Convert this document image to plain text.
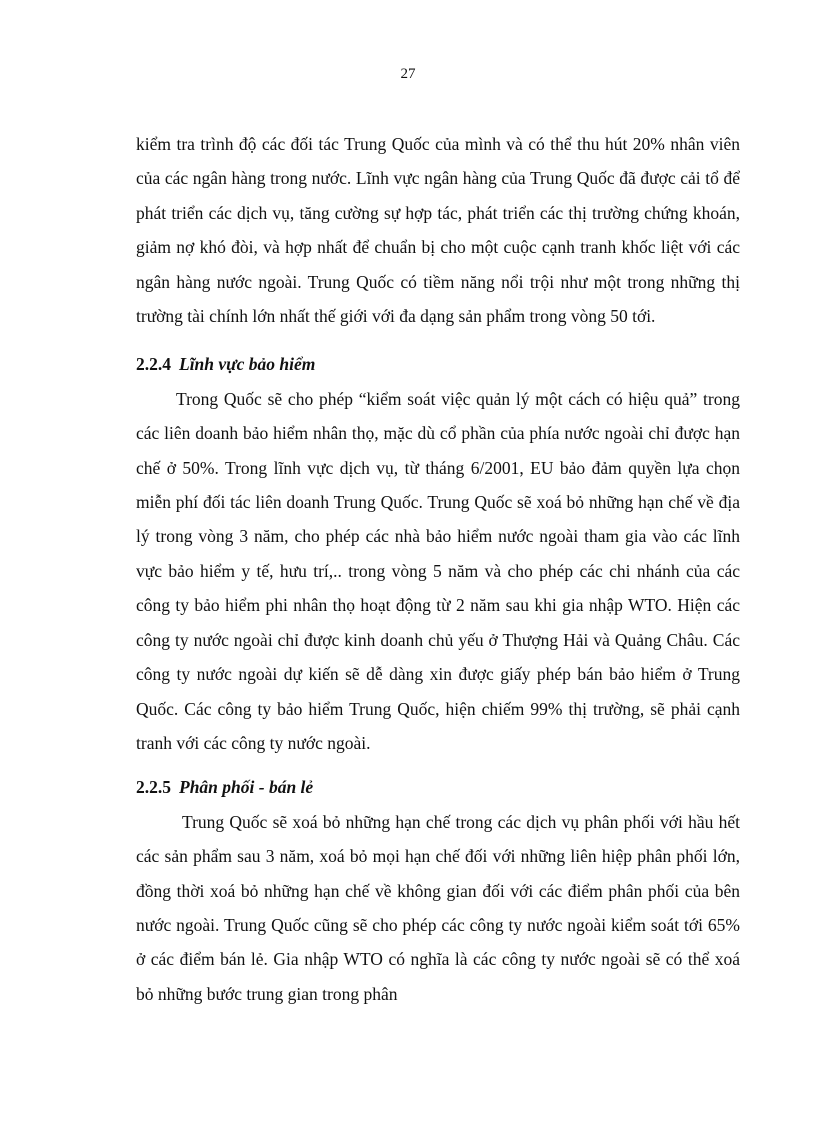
27

kiểm tra trình độ các đối tác Trung Quốc của mình và có thể thu hút 20% nhân viên của các ngân hàng trong nước. Lĩnh vực ngân hàng của Trung Quốc đã được cải tổ để phát triển các dịch vụ, tăng cường sự hợp tác, phát triển các thị trường chứng khoán, giảm nợ khó đòi, và hợp nhất để chuẩn bị cho một cuộc cạnh tranh khốc liệt với các ngân hàng nước ngoài. Trung Quốc có tiềm năng nổi trội như một trong những thị trường tài chính lớn nhất thế giới với đa dạng sản phẩm trong vòng 50 tới.

2.2.4 Lĩnh vực bảo hiểm

Trong Quốc sẽ cho phép “kiểm soát việc quản lý một cách có hiệu quả” trong các liên doanh bảo hiểm nhân thọ, mặc dù cổ phần của phía nước ngoài chỉ được hạn chế ở 50%. Trong lĩnh vực dịch vụ, từ tháng 6/2001, EU bảo đảm quyền lựa chọn miễn phí đối tác liên doanh Trung Quốc. Trung Quốc sẽ xoá bỏ những hạn chế về địa lý trong vòng 3 năm, cho phép các nhà bảo hiểm nước ngoài tham gia vào các lĩnh vực bảo hiểm y tế, hưu trí,.. trong vòng 5 năm và cho phép các chi nhánh của các công ty bảo hiểm phi nhân thọ hoạt động từ 2 năm sau khi gia nhập WTO. Hiện các công ty nước ngoài chỉ được kinh doanh chủ yếu ở Thượng Hải và Quảng Châu. Các công ty nước ngoài dự kiến sẽ dễ dàng xin được giấy phép bán bảo hiểm ở Trung Quốc. Các công ty bảo hiểm Trung Quốc, hiện chiếm 99% thị trường, sẽ phải cạnh tranh với các công ty nước ngoài.

2.2.5 Phân phối - bán lẻ

Trung Quốc sẽ xoá bỏ những hạn chế trong các dịch vụ phân phối với hầu hết các sản phẩm sau 3 năm, xoá bỏ mọi hạn chế đối với những liên hiệp phân phối lớn, đồng thời xoá bỏ những hạn chế về không gian đối với các điểm phân phối của bên nước ngoài. Trung Quốc cũng sẽ cho phép các công ty nước ngoài kiểm soát tới 65% ở các điểm bán lẻ. Gia nhập WTO có nghĩa là các công ty nước ngoài sẽ có thể xoá bỏ những bước trung gian trong phân
